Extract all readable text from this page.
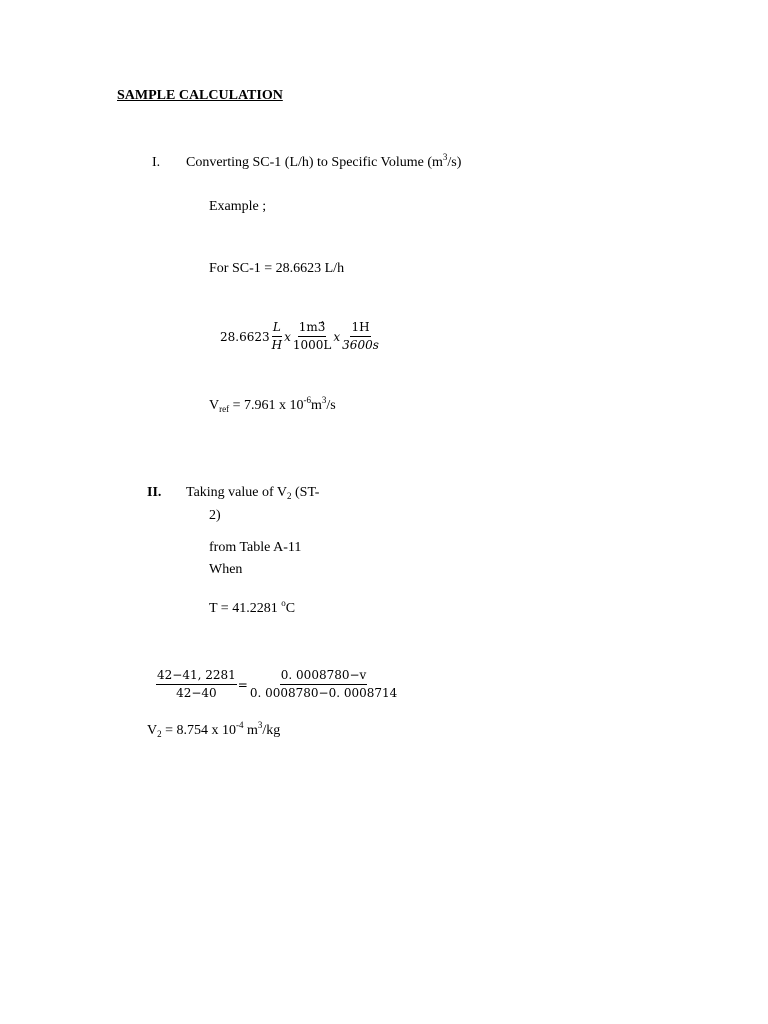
SAMPLE CALCULATION
I. Converting SC-1 (L/h) to Specific Volume $(m^3/s)$
Example ;
For SC-1 = 28.6623 L/h
$28.6623 \frac{L}{H}$ x $\frac{1m3̂}{1000L}$ x $\frac{1H}{3600s}$
$V_{ref} = 7.961$ x $10^{-6}m^3/s$
II. Taking value of $V_2$ (ST-
2)
from Table A-11
When
T = 41.2281 $^o$C
$\frac{42-41, 2281}{42-40} = \frac{0. 0008780-v}{0. 0008780-0. 0008714}$
$V_2 = 8.754$ x $10^{-4}$ $m^3/kg$
